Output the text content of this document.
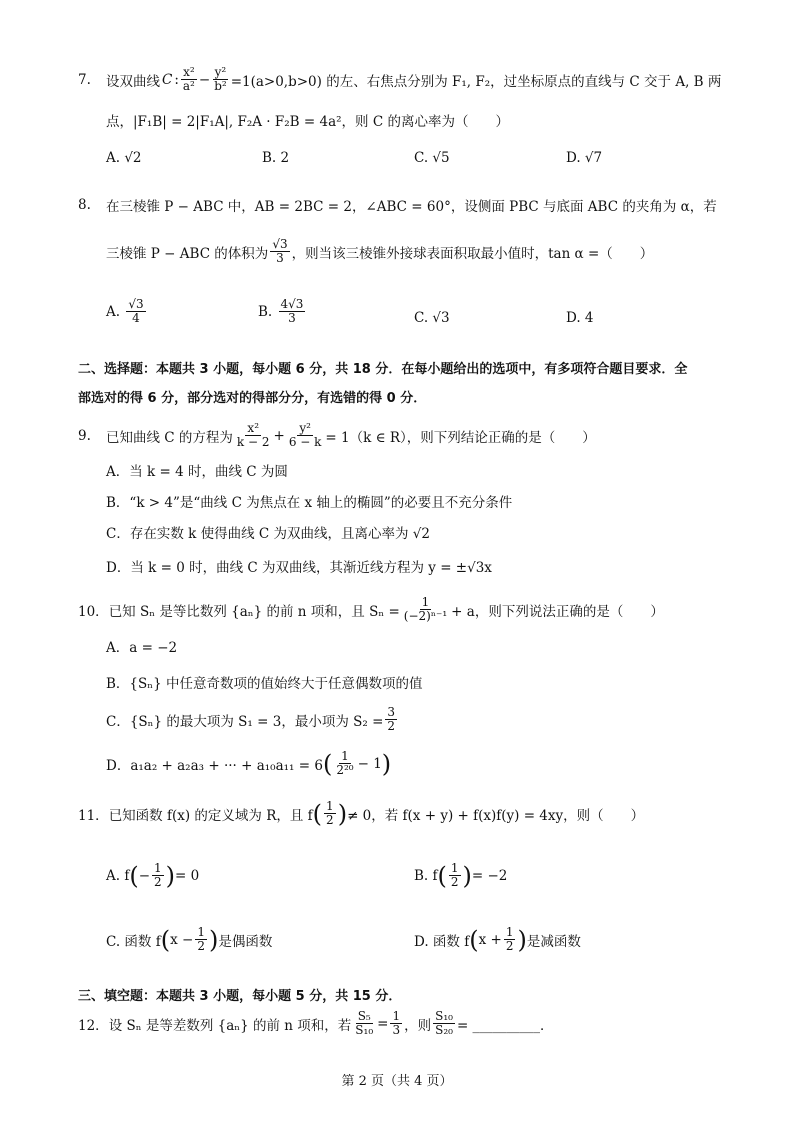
7.	设双曲线 C : $\frac{\text{x²}}{\text{a²}} - \frac{\text{y²}}{\text{b²}} =1(a>0,b>0)$ 的左、右焦点分别为 F₁, F₂，过坐标原点的直线与 C 交于 A, B 两
点，|F₁B| = 2|F₁A|, F₂A · F₂B = 4a²，则 C 的离心率为（　　）
A. √2	B. 2	C. √5	D. √7
8.	在三棱锥 P − ABC 中，AB = 2BC = 2，∠ABC = 60°，设侧面 PBC 与底面 ABC 的夹角为 α，若
三棱锥 P − ABC 的体积为 $\frac{√3}{3}$ ，则当该三棱锥外接球表面积取最小值时，tan α =（　　）
A.
$\frac{√3}{4}$	B.
$\frac{4√3}{3}$	C. √3	D. 4
二、选择题：本题共 3 小题，每小题 6 分，共 18 分．在每小题给出的选项中，有多项符合题目要求．全
部选对的得 6 分，部分选对的得部分分，有选错的得 0 分．
9.	已知曲线 C 的方程为 $\frac{\text{x²}}{k - 2} + \frac{\text{y²}}{6 - k} = 1(k$ ∈ R），则下列结论正确的是（　　）
A．当 k = 4 时，曲线 C 为圆
B．“k > 4”是“曲线 C 为焦点在 x 轴上的椭圆”的必要且不充分条件
C．存在实数 k 使得曲线 C 为双曲线，且离心率为 √2
D．当 k = 0 时，曲线 C 为双曲线，其渐近线方程为 y = ±√3x
10． 已知 Sₙ 是等比数列 {aₙ} 的前 n 项和，且 $S_n = \frac{1}{\text{(−2)ⁿ⁻¹}} + a$，则下列说法正确的是（　　）
A．a = −2
B．{Sₙ} 中任意奇数项的值始终大于任意偶数项的值
C．{Sₙ} 的最大项为 S₁ = 3，最小项为 $S_2 = \frac{3}{2}$
D．a₁a₂ + a₂a₃ + ··· + a₁₀a₁₁ = 6 ( $\frac{1}{\text{2²⁰}} - 1$ )
11． 已知函数 f(x) 的定义域为 R，且 f ( $\frac{1}{2}$ ) ≠ 0，若 f(x + y) + f(x)f(y) = 4xy，则（　　）
A. f ( − $\frac{1}{2}$ ) = 0	B. f ( $\frac{1}{2}$ ) = −2
C. 函数 f ( $x - \frac{1}{2}$ ) 是偶函数	D. 函数 f ( $x + \frac{1}{2}$ ) 是减函数
三、填空题：本题共 3 小题，每小题 5 分，共 15 分．
12． 设 Sₙ 是等差数列 {aₙ} 的前 n 项和，若 $\frac{\text{S₅}}{\text{S₁₀}} = \frac{1}{3}$ ，则 $\frac{\text{S₁₀}}{\text{S₂₀}}$ = __________．
第 2 页（共 4 页）
